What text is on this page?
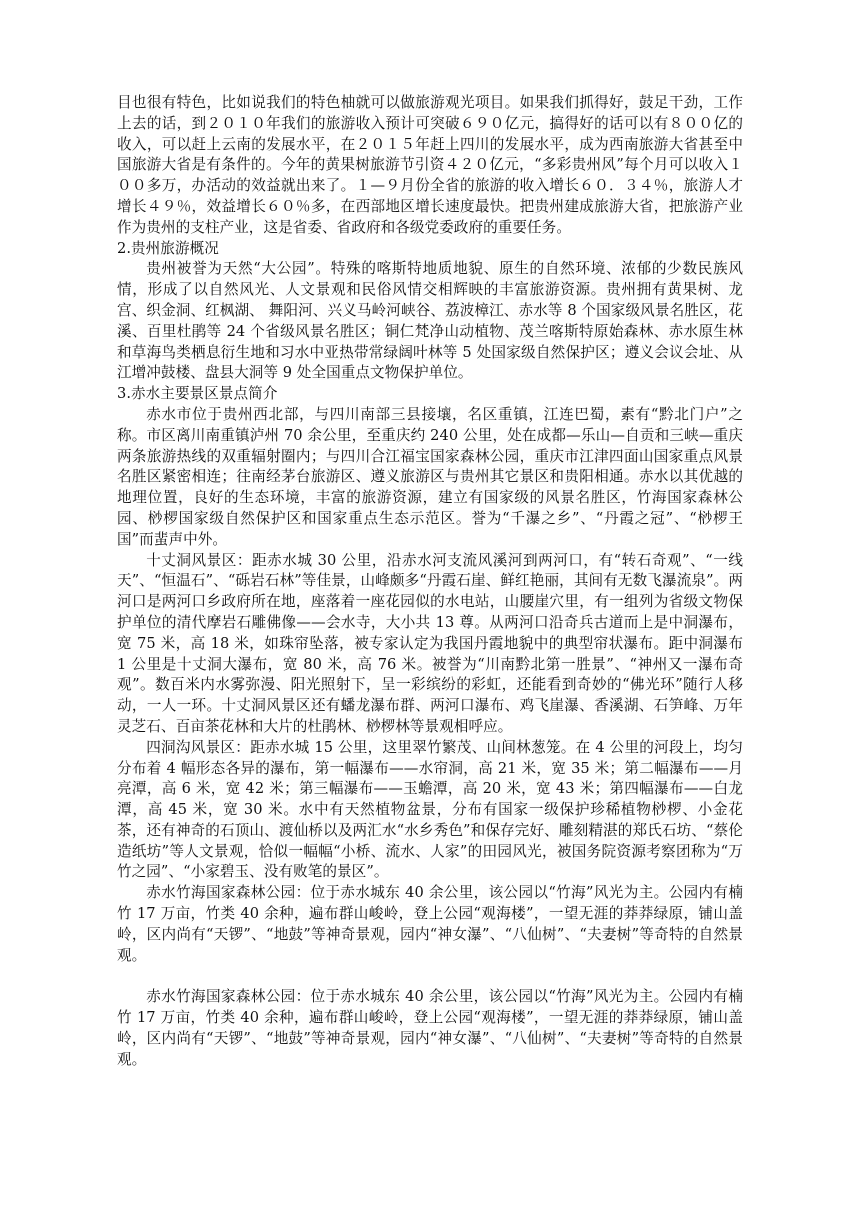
目也很有特色，比如说我们的特色柚就可以做旅游观光项目。如果我们抓得好，鼓足干劲，工作上去的话，到２０１０年我们的旅游收入预计可突破６９０亿元，搞得好的话可以有８００亿的收入，可以赶上云南的发展水平，在２０１５年赶上四川的发展水平，成为西南旅游大省甚至中国旅游大省是有条件的。今年的黄果树旅游节引资４２０亿元，“多彩贵州风”每个月可以收入１００多万，办活动的效益就出来了。１—９月份全省的旅游的收入增长６０．３４％，旅游人才增长４９％，效益增长６０％多，在西部地区增长速度最快。把贵州建成旅游大省，把旅游产业作为贵州的支柱产业，这是省委、省政府和各级党委政府的重要任务。

2.贵州旅游概况

贵州被誉为天然“大公园”。特殊的喀斯特地质地貌、原生的自然环境、浓郁的少数民族风情，形成了以自然风光、人文景观和民俗风情交相辉映的丰富旅游资源。贵州拥有黄果树、龙宫、织金洞、红枫湖、 舞阳河、兴义马岭河峡谷、荔波樟江、赤水等 8 个国家级风景名胜区，花溪、百里杜鹃等 24 个省级风景名胜区；铜仁梵净山动植物、茂兰喀斯特原始森林、赤水原生林和草海鸟类栖息衍生地和习水中亚热带常绿阔叶林等 5 处国家级自然保护区；遵义会议会址、从江增冲鼓楼、盘县大洞等 9 处全国重点文物保护单位。

3.赤水主要景区景点简介

赤水市位于贵州西北部，与四川南部三县接壤，名区重镇，江连巴蜀，素有“黔北门户”之称。市区离川南重镇泸州 70 余公里，至重庆约 240 公里，处在成都—乐山—自贡和三峡—重庆两条旅游热线的双重辐射圈内；与四川合江福宝国家森林公园，重庆市江津四面山国家重点风景名胜区紧密相连；往南经茅台旅游区、遵义旅游区与贵州其它景区和贵阳相通。赤水以其优越的地理位置，良好的生态环境，丰富的旅游资源，建立有国家级的风景名胜区，竹海国家森林公园、桫椤国家级自然保护区和国家重点生态示范区。誉为“千瀑之乡”、“丹霞之冠”、“桫椤王国”而蜚声中外。

十丈洞风景区：距赤水城 30 公里，沿赤水河支流风溪河到两河口，有“转石奇观”、“一线天”、“恒温石”、“砾岩石林”等佳景，山峰颇多“丹霞石崖、鲜红艳丽，其间有无数飞瀑流泉”。两河口是两河口乡政府所在地，座落着一座花园似的水电站，山腰崖穴里，有一组列为省级文物保护单位的清代摩岩石雕佛像——会水寺，大小共 13 尊。从两河口沿奇兵古道而上是中洞瀑布，宽 75 米，高 18 米，如珠帘坠落，被专家认定为我国丹霞地貌中的典型帘状瀑布。距中洞瀑布 1 公里是十丈洞大瀑布，宽 80 米，高 76 米。被誉为“川南黔北第一胜景”、“神州又一瀑布奇观”。数百米内水雾弥漫、阳光照射下，呈一彩缤纷的彩虹，还能看到奇妙的“佛光环”随行人移动，一人一环。十丈洞风景区还有蟠龙瀑布群、两河口瀑布、鸡飞崖瀑、香溪湖、石笋峰、万年灵芝石、百亩茶花林和大片的杜鹃林、桫椤林等景观相呼应。

四洞沟风景区：距赤水城 15 公里，这里翠竹繁茂、山间林葱笼。在 4 公里的河段上，均匀分布着 4 幅形态各异的瀑布，第一幅瀑布——水帘洞，高 21 米，宽 35 米；第二幅瀑布——月亮潭，高 6 米，宽 42 米；第三幅瀑布——玉蟾潭，高 20 米，宽 43 米；第四幅瀑布——白龙潭，高 45 米，宽 30 米。水中有天然植物盆景，分布有国家一级保护珍稀植物桫椤、小金花茶，还有神奇的石顶山、渡仙桥以及两汇水“水乡秀色”和保存完好、雕刻精湛的郑氏石坊、“蔡伦造纸坊”等人文景观，恰似一幅幅“小桥、流水、人家”的田园风光，被国务院资源考察团称为“万竹之园”、“小家碧玉、没有败笔的景区”。

赤水竹海国家森林公园：位于赤水城东 40 余公里，该公园以“竹海”风光为主。公园内有楠竹 17 万亩，竹类 40 余种，遍布群山峻岭，登上公园“观海楼”，一望无涯的莽莽绿原，铺山盖岭，区内尚有“天锣”、“地鼓”等神奇景观，园内“神女瀑”、“八仙树”、“夫妻树”等奇特的自然景观。

赤水竹海国家森林公园：位于赤水城东 40 余公里，该公园以“竹海”风光为主。公园内有楠竹 17 万亩，竹类 40 余种，遍布群山峻岭，登上公园“观海楼”，一望无涯的莽莽绿原，铺山盖岭，区内尚有“天锣”、“地鼓”等神奇景观，园内“神女瀑”、“八仙树”、“夫妻树”等奇特的自然景观。
